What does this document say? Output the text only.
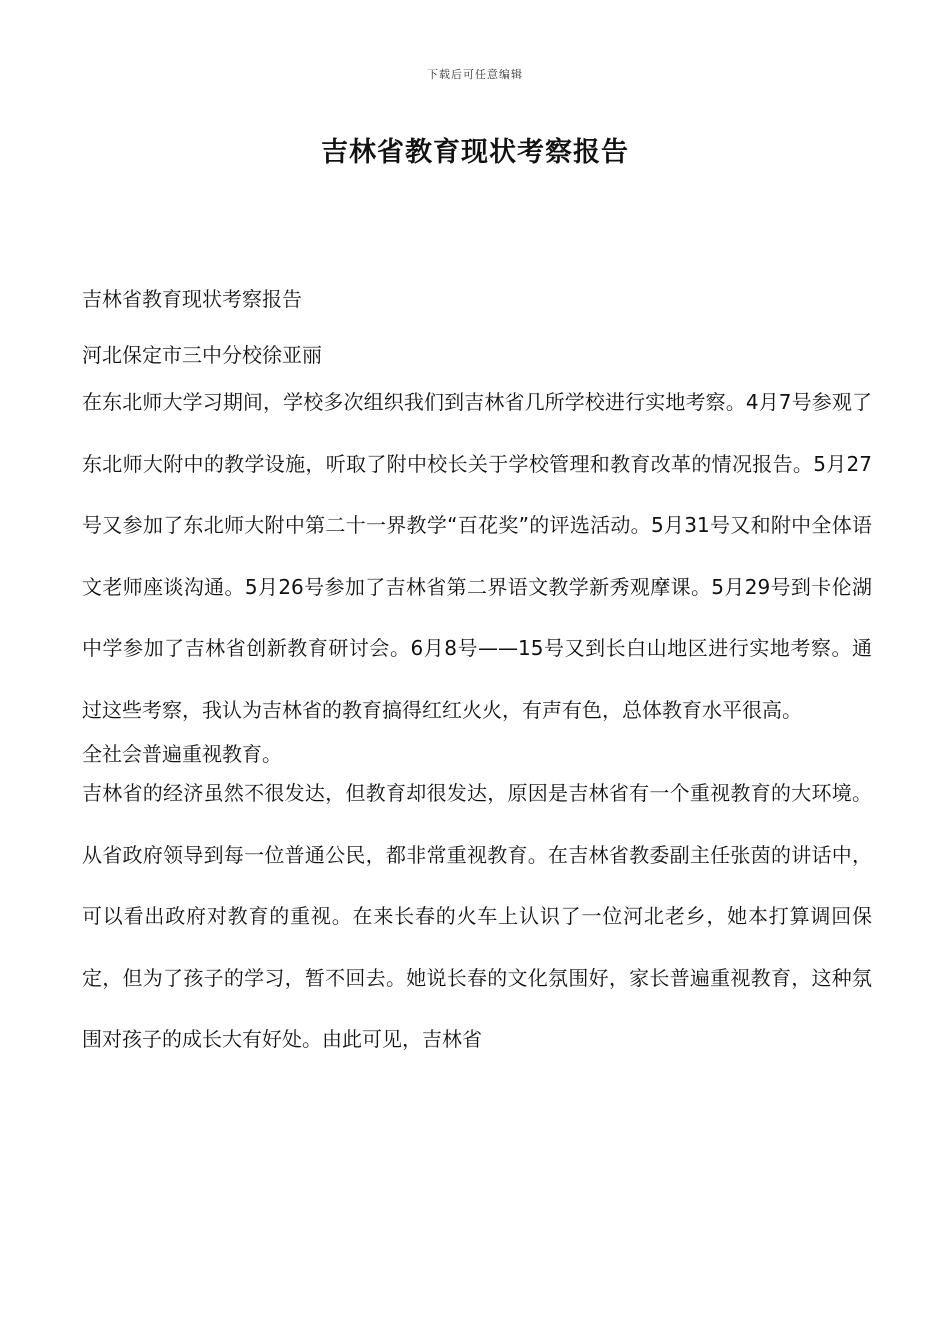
下载后可任意编辑
吉林省教育现状考察报告
吉林省教育现状考察报告
河北保定市三中分校徐亚丽
在东北师大学习期间，学校多次组织我们到吉林省几所学校进行实地考察。4月7号参观了东北师大附中的教学设施，听取了附中校长关于学校管理和教育改革的情况报告。5月27号又参加了东北师大附中第二十一界教学“百花奖”的评选活动。5月31号又和附中全体语文老师座谈沟通。5月26号参加了吉林省第二界语文教学新秀观摩课。5月29号到卡伦湖中学参加了吉林省创新教育研讨会。6月8号——15号又到长白山地区进行实地考察。通过这些考察，我认为吉林省的教育搞得红红火火，有声有色，总体教育水平很高。
全社会普遍重视教育。
吉林省的经济虽然不很发达，但教育却很发达，原因是吉林省有一个重视教育的大环境。从省政府领导到每一位普通公民，都非常重视教育。在吉林省教委副主任张茵的讲话中，可以看出政府对教育的重视。在来长春的火车上认识了一位河北老乡，她本打算调回保定，但为了孩子的学习，暂不回去。她说长春的文化氛围好，家长普遍重视教育，这种氛围对孩子的成长大有好处。由此可见，吉林省
